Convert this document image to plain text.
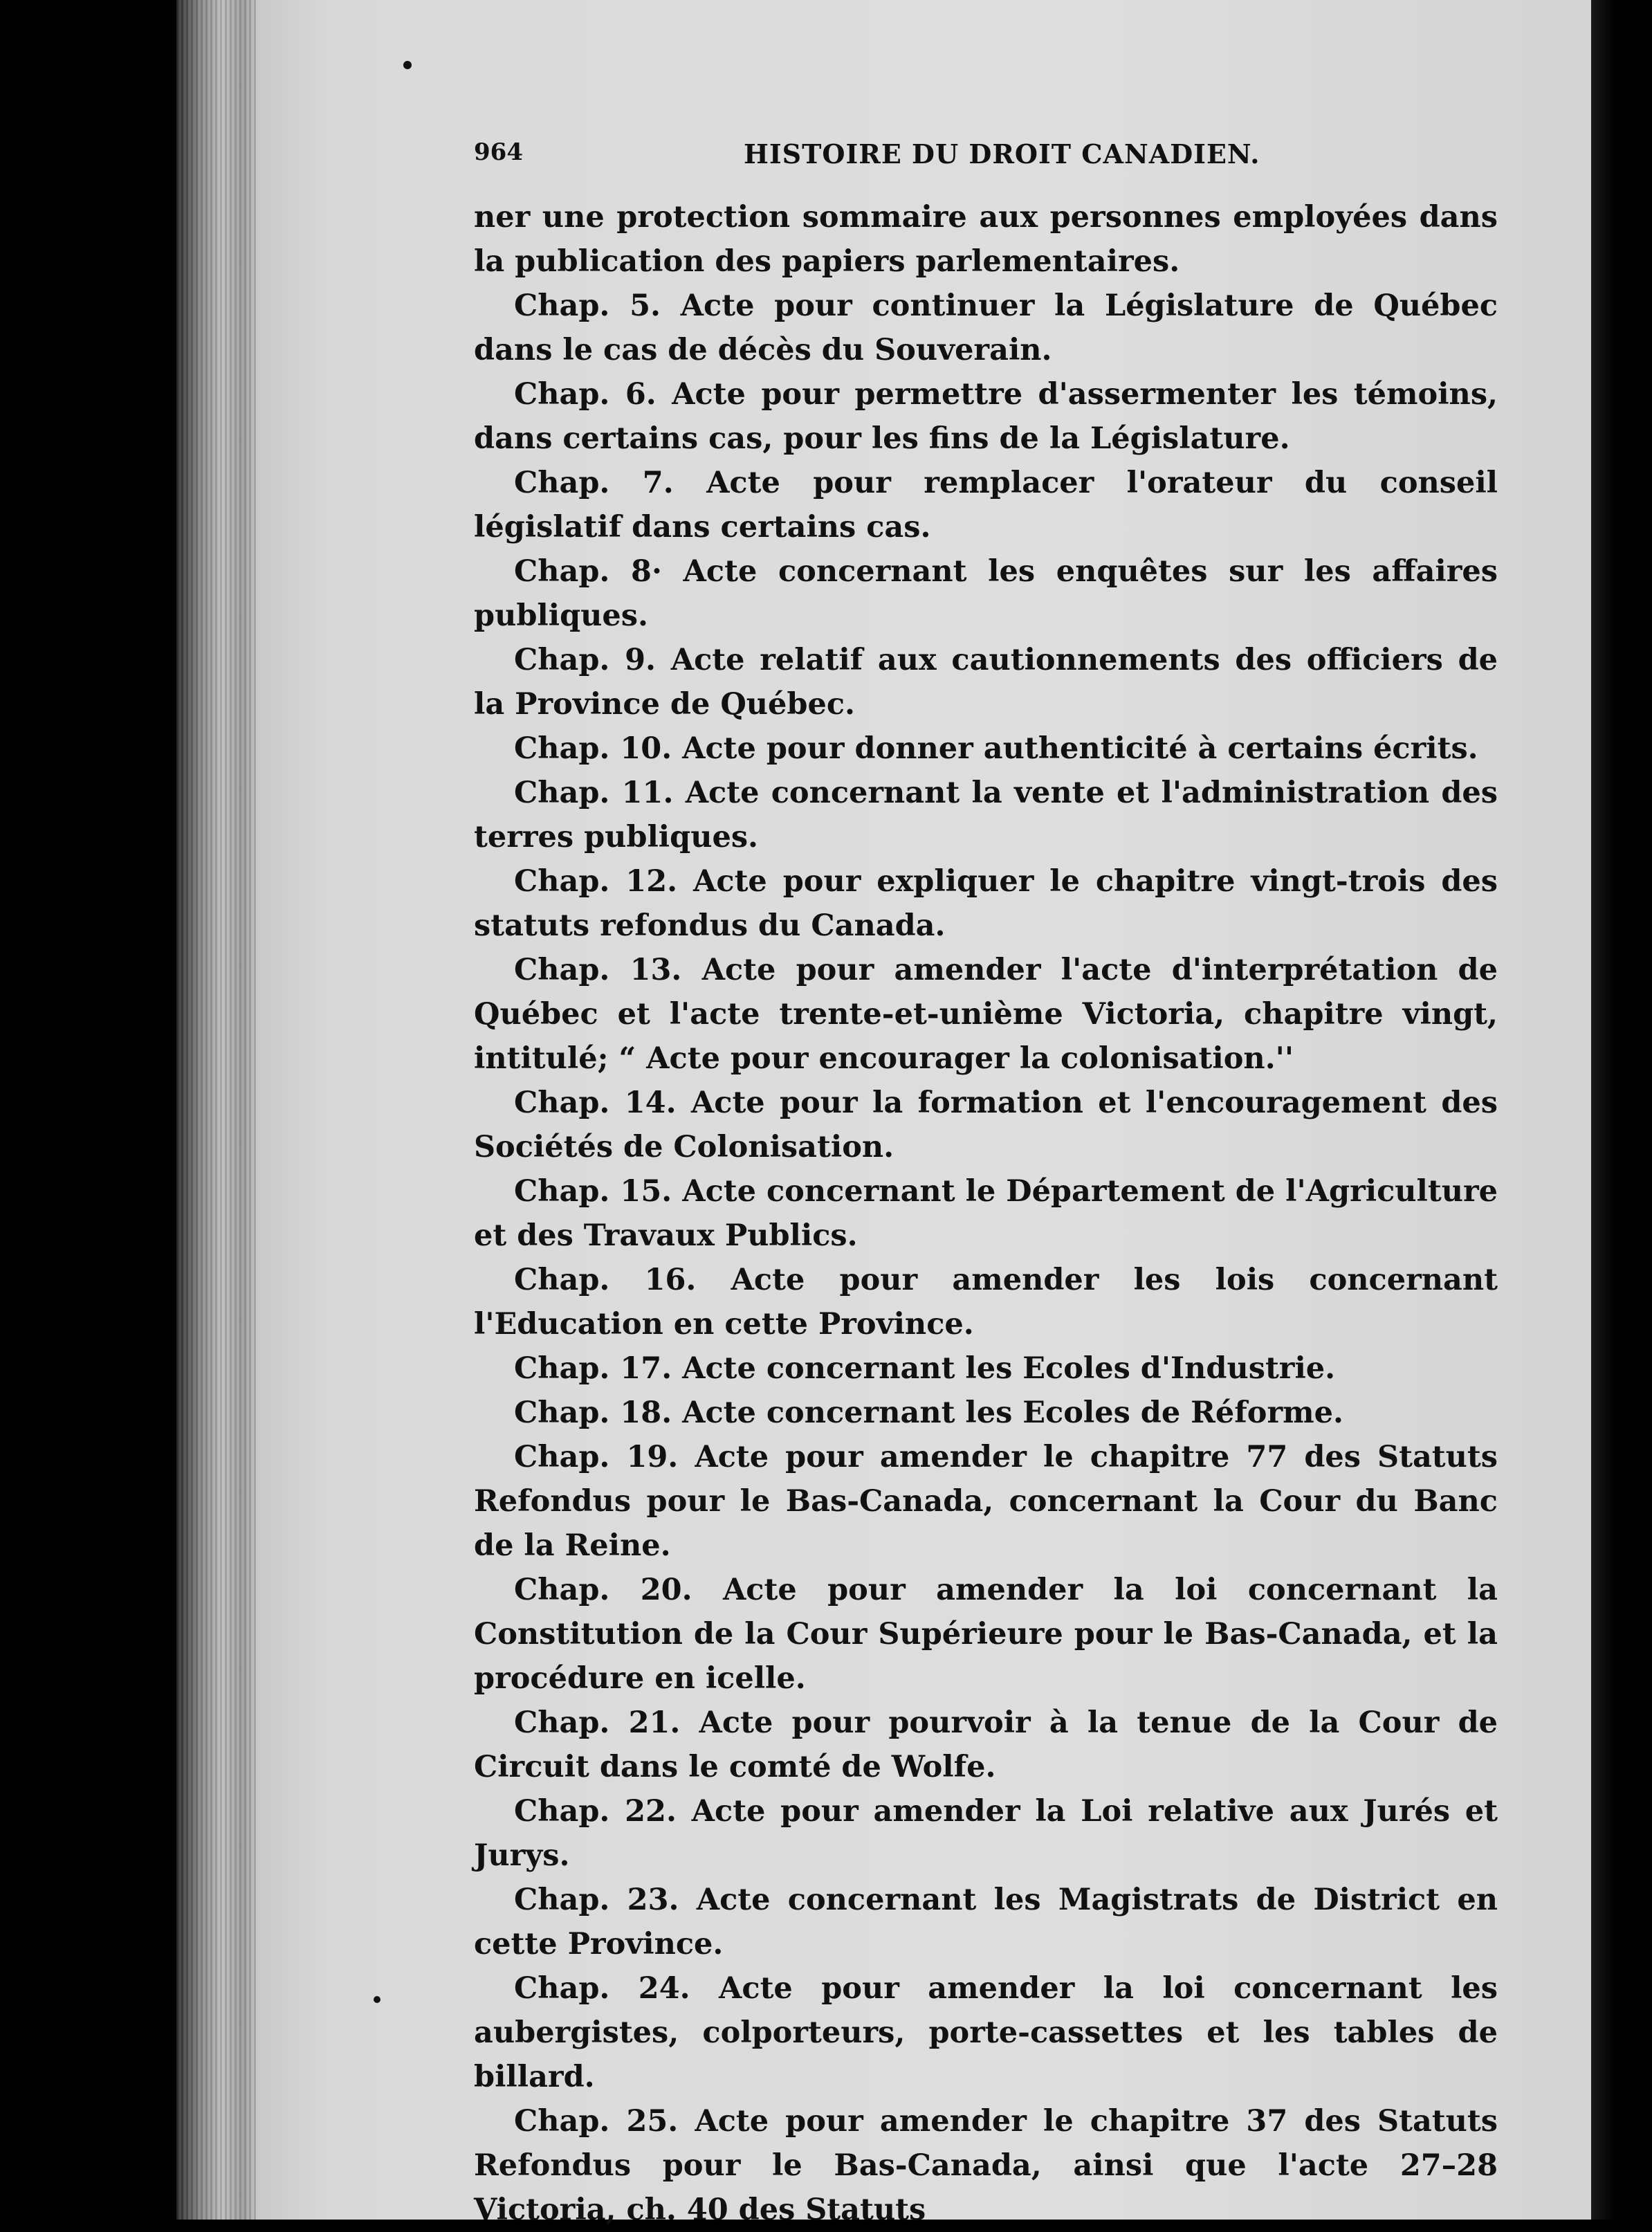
964	HISTOIRE DU DROIT CANADIEN.

ner une protection sommaire aux personnes employées dans la publication des papiers parlementaires.

Chap. 5. Acte pour continuer la Législature de Québec dans le cas de décès du Souverain.

Chap. 6. Acte pour permettre d'assermenter les témoins, dans certains cas, pour les fins de la Législature.

Chap. 7. Acte pour remplacer l'orateur du conseil législatif dans certains cas.

Chap. 8· Acte concernant les enquêtes sur les affaires publiques.

Chap. 9. Acte relatif aux cautionnements des officiers de la Province de Québec.

Chap. 10. Acte pour donner authenticité à certains écrits.

Chap. 11. Acte concernant la vente et l'administration des terres publiques.

Chap. 12. Acte pour expliquer le chapitre vingt-trois des statuts refondus du Canada.

Chap. 13. Acte pour amender l'acte d'interprétation de Québec et l'acte trente-et-unième Victoria, chapitre vingt, intitulé; “ Acte pour encourager la colonisation.''

Chap. 14. Acte pour la formation et l'encouragement des Sociétés de Colonisation.

Chap. 15. Acte concernant le Département de l'Agriculture et des Travaux Publics.

Chap. 16. Acte pour amender les lois concernant l'Education en cette Province.

Chap. 17. Acte concernant les Ecoles d'Industrie.

Chap. 18. Acte concernant les Ecoles de Réforme.

Chap. 19. Acte pour amender le chapitre 77 des Statuts Refondus pour le Bas-Canada, concernant la Cour du Banc de la Reine.

Chap. 20. Acte pour amender la loi concernant la Constitution de la Cour Supérieure pour le Bas-Canada, et la procédure en icelle.

Chap. 21. Acte pour pourvoir à la tenue de la Cour de Circuit dans le comté de Wolfe.

Chap. 22. Acte pour amender la Loi relative aux Jurés et Jurys.

Chap. 23. Acte concernant les Magistrats de District en cette Province.

Chap. 24. Acte pour amender la loi concernant les aubergistes, colporteurs, porte-cassettes et les tables de billard.

Chap. 25. Acte pour amender le chapitre 37 des Statuts Refondus pour le Bas-Canada, ainsi que l'acte 27–28 Victoria, ch. 40 des Statuts
